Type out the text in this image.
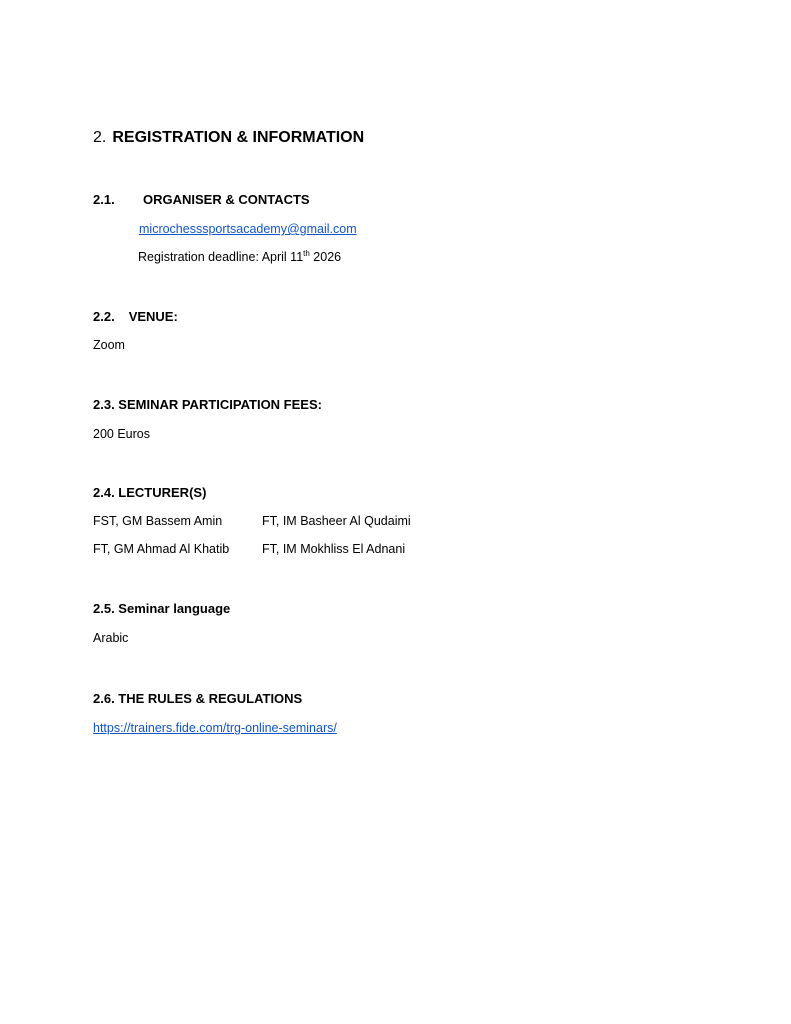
2. REGISTRATION & INFORMATION
2.1. ORGANISER & CONTACTS
microchesssportsacademy@gmail.com
Registration deadline: April 11th 2026
2.2. VENUE:
Zoom
2.3. SEMINAR PARTICIPATION FEES:
200 Euros
2.4. LECTURER(S)
FST, GM Bassem Amin	FT, IM Basheer Al Qudaimi
FT, GM Ahmad Al Khatib	FT, IM Mokhliss El Adnani
2.5. Seminar language
Arabic
2.6. THE RULES & REGULATIONS
https://trainers.fide.com/trg-online-seminars/
